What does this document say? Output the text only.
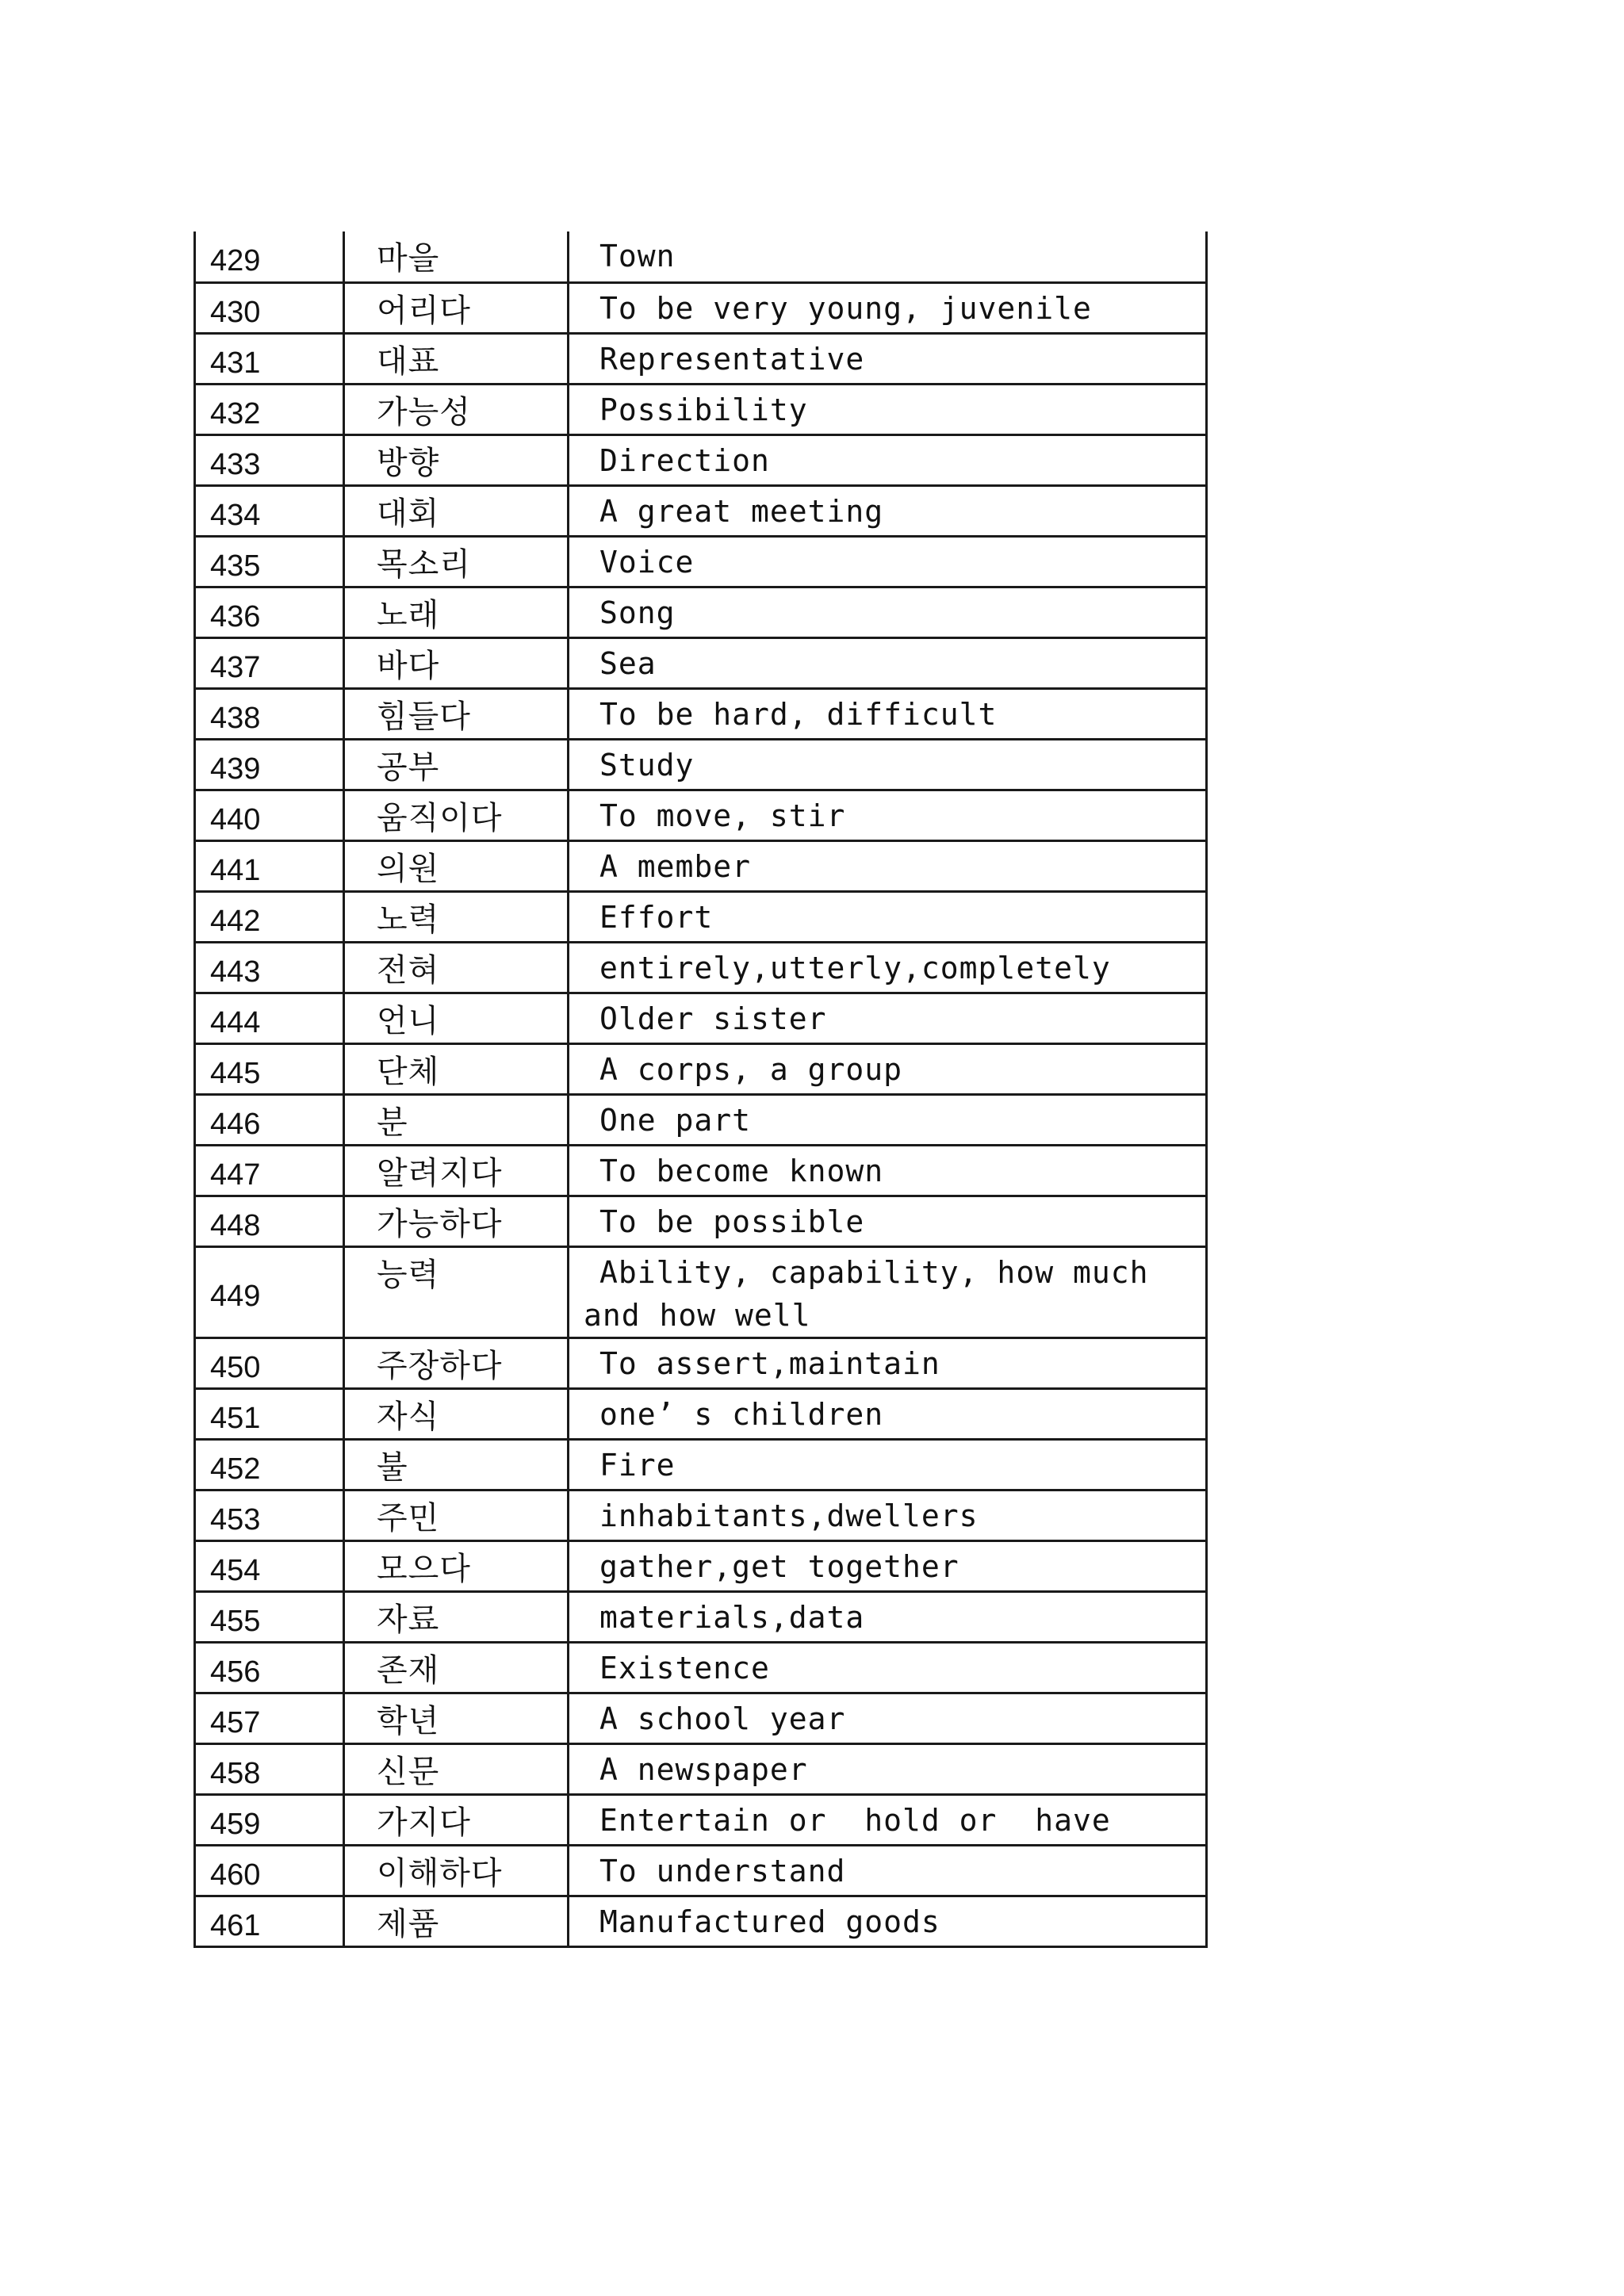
429	마을	Town
430	어리다	To be very young, juvenile
431	대표	Representative
432	가능성	Possibility
433	방향	Direction
434	대회	A great meeting
435	목소리	Voice
436	노래	Song
437	바다	Sea
438	힘들다	To be hard, difficult
439	공부	Study
440	움직이다	To move, stir
441	의원	A member
442	노력	Effort
443	전혀	entirely,utterly,completely
444	언니	Older sister
445	단체	A corps, a group
446	분	One part
447	알려지다	To become known
448	가능하다	To be possible
449	능력	Ability, capability, how much and how well
450	주장하다	To assert,maintain
451	자식	one’ s children
452	불	Fire
453	주민	inhabitants,dwellers
454	모으다	gather,get together
455	자료	materials,data
456	존재	Existence
457	학년	A school year
458	신문	A newspaper
459	가지다	Entertain or  hold or  have
460	이해하다	To understand
461	제품	Manufactured goods
